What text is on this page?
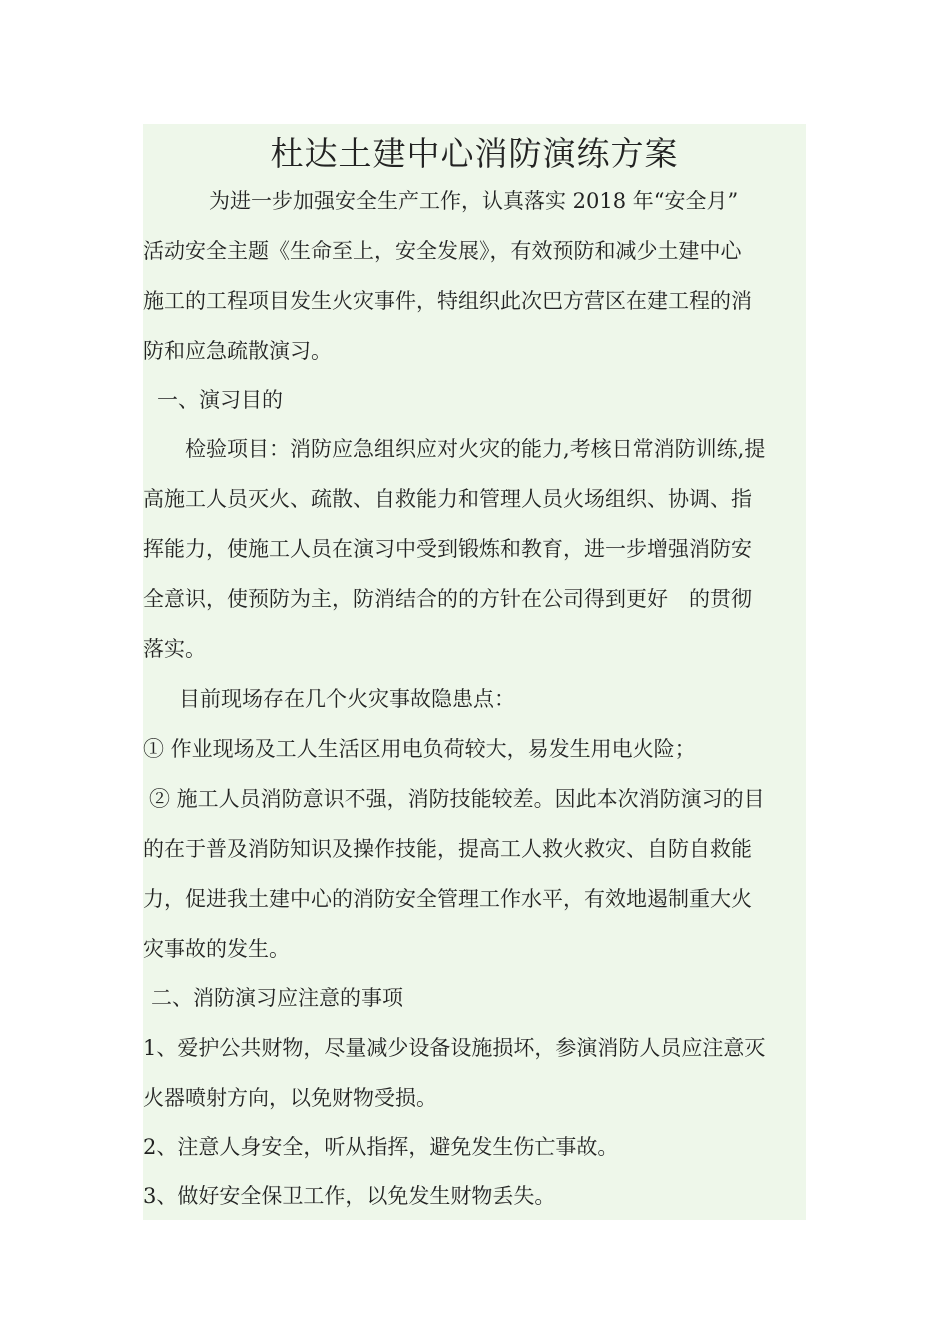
杜达土建中心消防演练方案
为进一步加强安全生产工作，认真落实 2018 年“安全月”
活动安全主题《生命至上，安全发展》，有效预防和减少土建中心
施工的工程项目发生火灾事件，特组织此次巴方营区在建工程的消
防和应急疏散演习。
一、演习目的
检验项目：消防应急组织应对火灾的能力,考核日常消防训练,提
高施工人员灭火、疏散、自救能力和管理人员火场组织、协调、指
挥能力，使施工人员在演习中受到锻炼和教育，进一步增强消防安
全意识，使预防为主，防消结合的的方针在公司得到更好　的贯彻
落实。
目前现场存在几个火灾事故隐患点：
① 作业现场及工人生活区用电负荷较大，易发生用电火险；
② 施工人员消防意识不强，消防技能较差。因此本次消防演习的目
的在于普及消防知识及操作技能，提高工人救火救灾、自防自救能
力，促进我土建中心的消防安全管理工作水平，有效地遏制重大火
灾事故的发生。
二、消防演习应注意的事项
1、爱护公共财物，尽量减少设备设施损坏，参演消防人员应注意灭
火器喷射方向，以免财物受损。
2、注意人身安全，听从指挥，避免发生伤亡事故。
3、做好安全保卫工作，以免发生财物丢失。
